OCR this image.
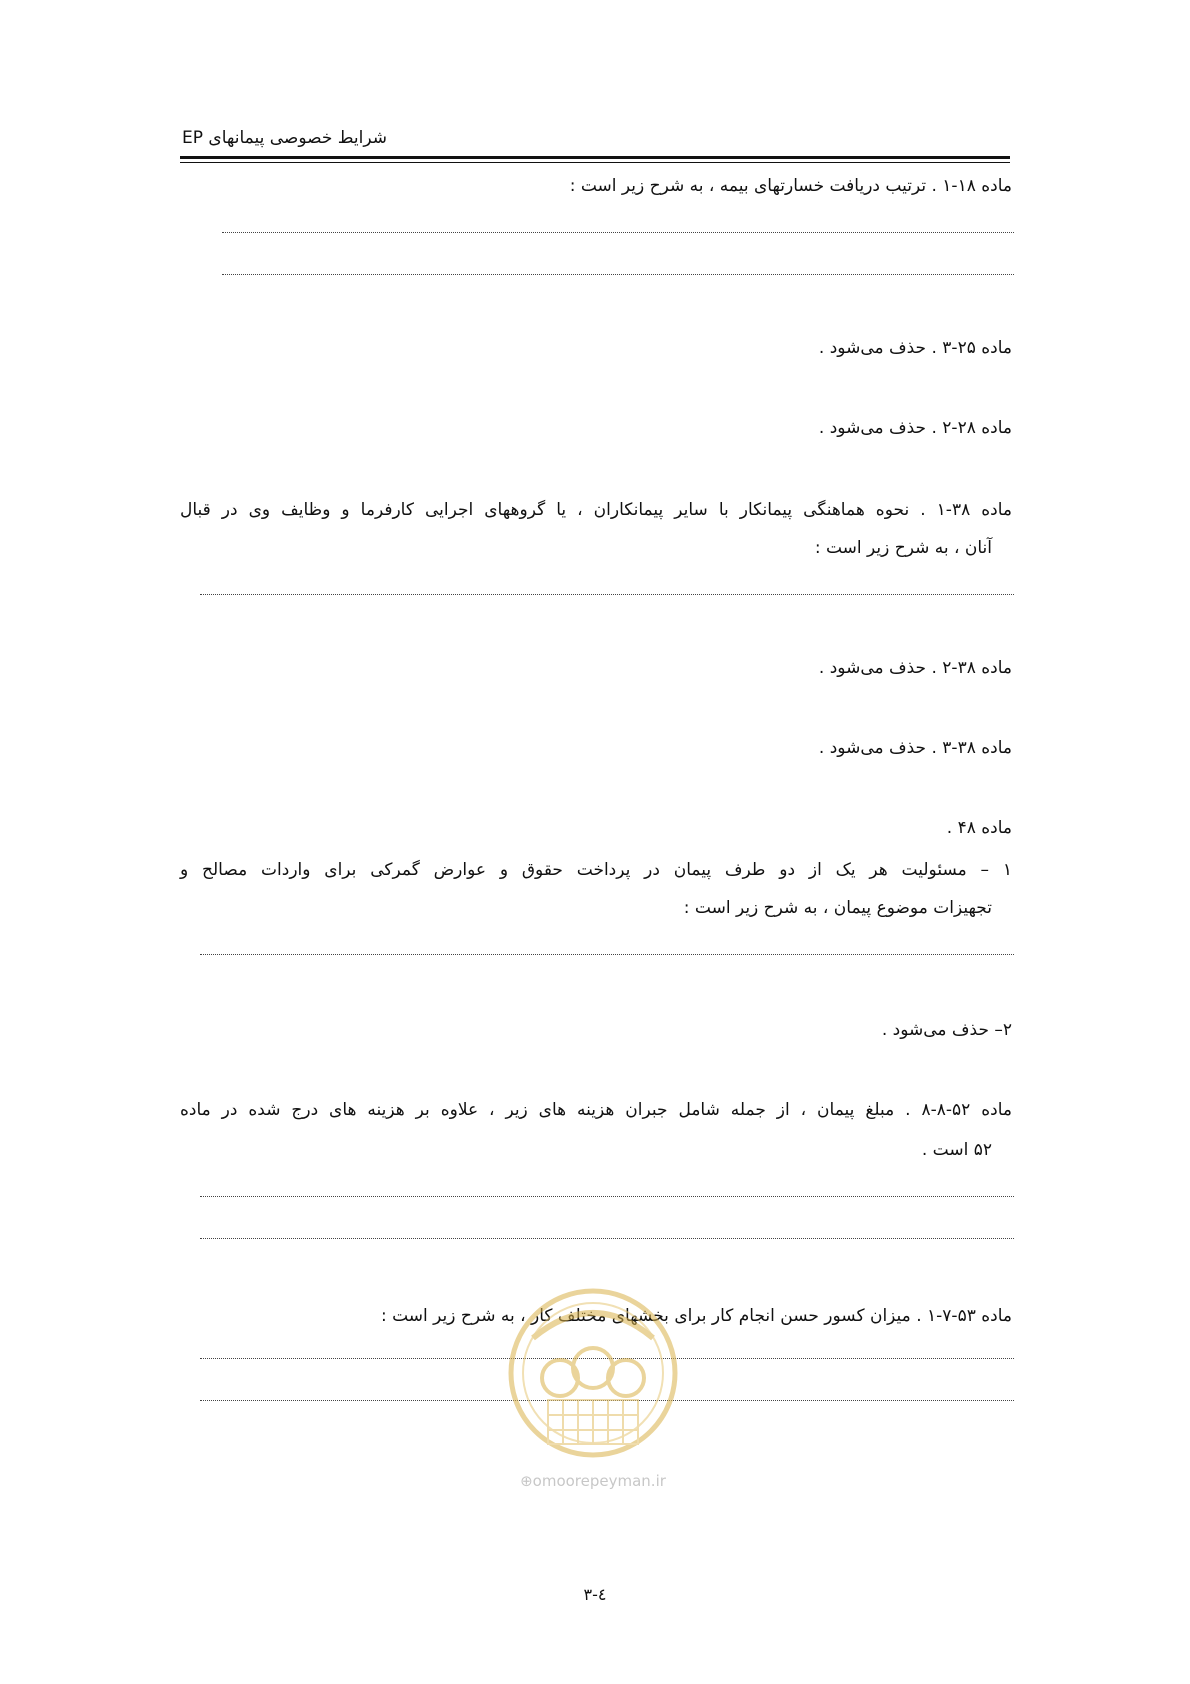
شرایط خصوصی پیمانهای EP
ماده ۱۸-۱ . ترتیب دریافت خسارتهای بیمه ، به شرح زیر است :
ماده ۲۵-۳ . حذف می‌شود .
ماده ۲۸-۲ . حذف می‌شود .
ماده ۳۸-۱ . نحوه هماهنگی پیمانکار با سایر پیمانکاران ، یا گروههای اجرایی کارفرما و وظایف وی در قبال
آنان ، به شرح زیر است :
ماده ۳۸-۲ . حذف می‌شود .
ماده ۳۸-۳ . حذف می‌شود .
ماده ۴۸ .
۱ – مسئولیت هر یک از دو طرف پیمان در پرداخت حقوق و عوارض گمرکی برای واردات مصالح و
تجهیزات موضوع پیمان ، به شرح زیر است :
۲– حذف می‌شود .
ماده ۵۲-۸-۸ . مبلغ پیمان ، از جمله شامل جبران هزینه های زیر ، علاوه بر هزینه های درج شده در ماده
۵۲ است .
ماده ۵۳-۷-۱ . میزان کسور حسن انجام کار برای بخشهای مختلف کار ، به شرح زیر است :
⊕omoorepeyman.ir
۳-٤
